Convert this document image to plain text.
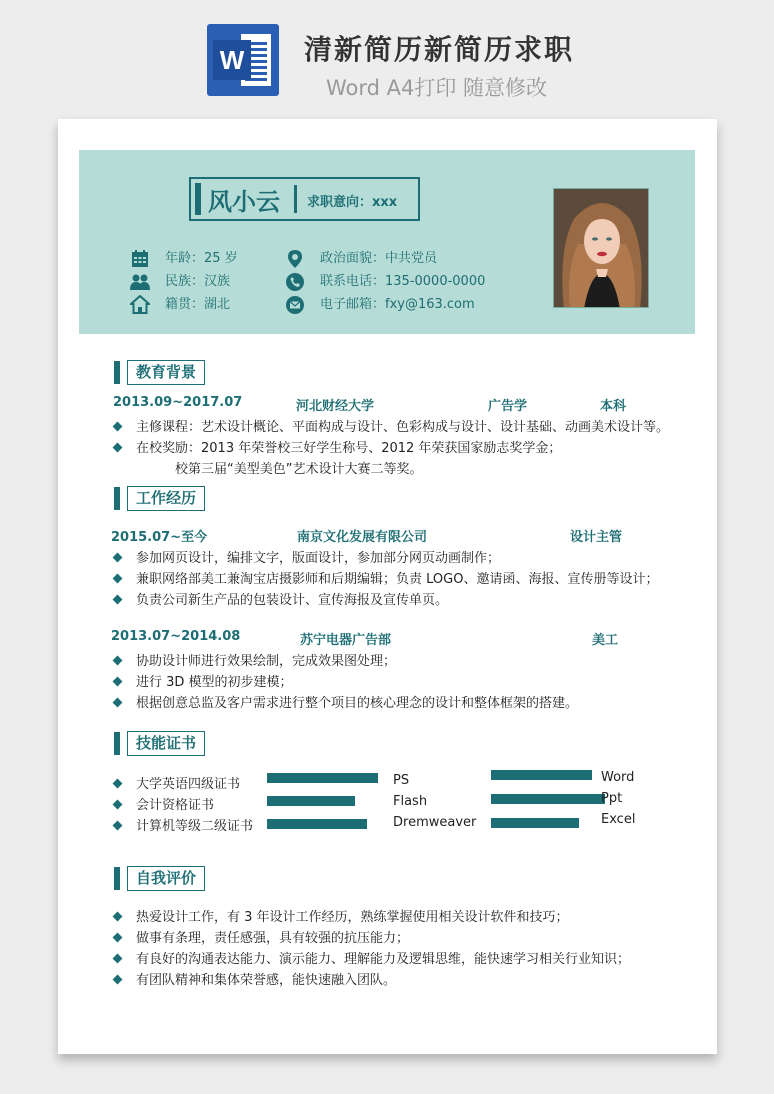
W 清新简历新简历求职
Word A4打印 随意修改
风小云 求职意向：xxx
年龄：25 岁
民族：汉族
籍贯：湖北
政治面貌：中共党员
联系电话：135-0000-0000
电子邮箱：fxy@163.com
教育背景
2013.09~2017.07	河北财经大学	广告学	本科
主修课程：艺术设计概论、平面构成与设计、色彩构成与设计、设计基础、动画美术设计等。
在校奖励：2013 年荣誉校三好学生称号、2012 年荣获国家励志奖学金；
校第三届“美型美色”艺术设计大赛二等奖。
工作经历
2015.07~至今	南京文化发展有限公司	设计主管
参加网页设计，编排文字，版面设计，参加部分网页动画制作；
兼职网络部美工兼淘宝店摄影师和后期编辑；负责 LOGO、邀请函、海报、宣传册等设计；
负责公司新生产品的包装设计、宣传海报及宣传单页。
2013.07~2014.08	苏宁电器广告部	美工
协助设计师进行效果绘制，完成效果图处理；
进行 3D 模型的初步建模；
根据创意总监及客户需求进行整个项目的核心理念的设计和整体框架的搭建。
技能证书
大学英语四级证书
会计资格证书
计算机等级二级证书
PS
Flash
Dremweaver
Word
Ppt
Excel
自我评价
热爱设计工作，有 3 年设计工作经历，熟练掌握使用相关设计软件和技巧；
做事有条理，责任感强，具有较强的抗压能力；
有良好的沟通表达能力、演示能力、理解能力及逻辑思维，能快速学习相关行业知识；
有团队精神和集体荣誉感，能快速融入团队。
